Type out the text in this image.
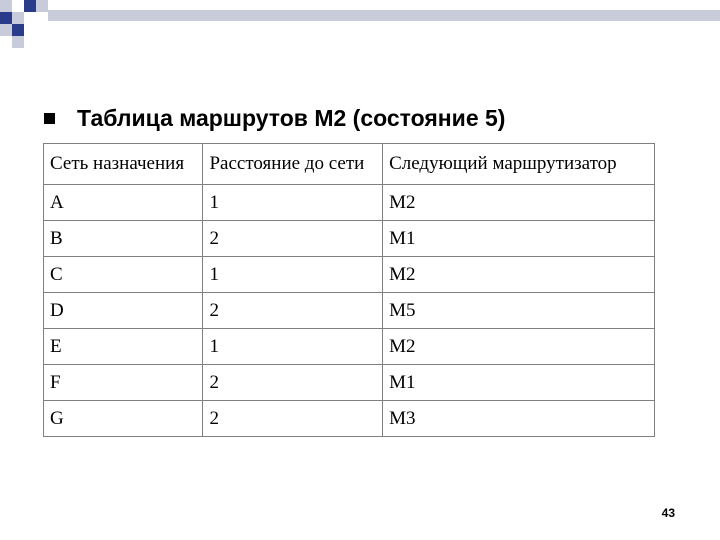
Таблица маршрутов М2 (состояние 5)
Сеть назначения	Расстояние до сети	Следующий маршрутизатор
A	1	M2
B	2	M1
C	1	M2
D	2	M5
E	1	M2
F	2	M1
G	2	M3
43
